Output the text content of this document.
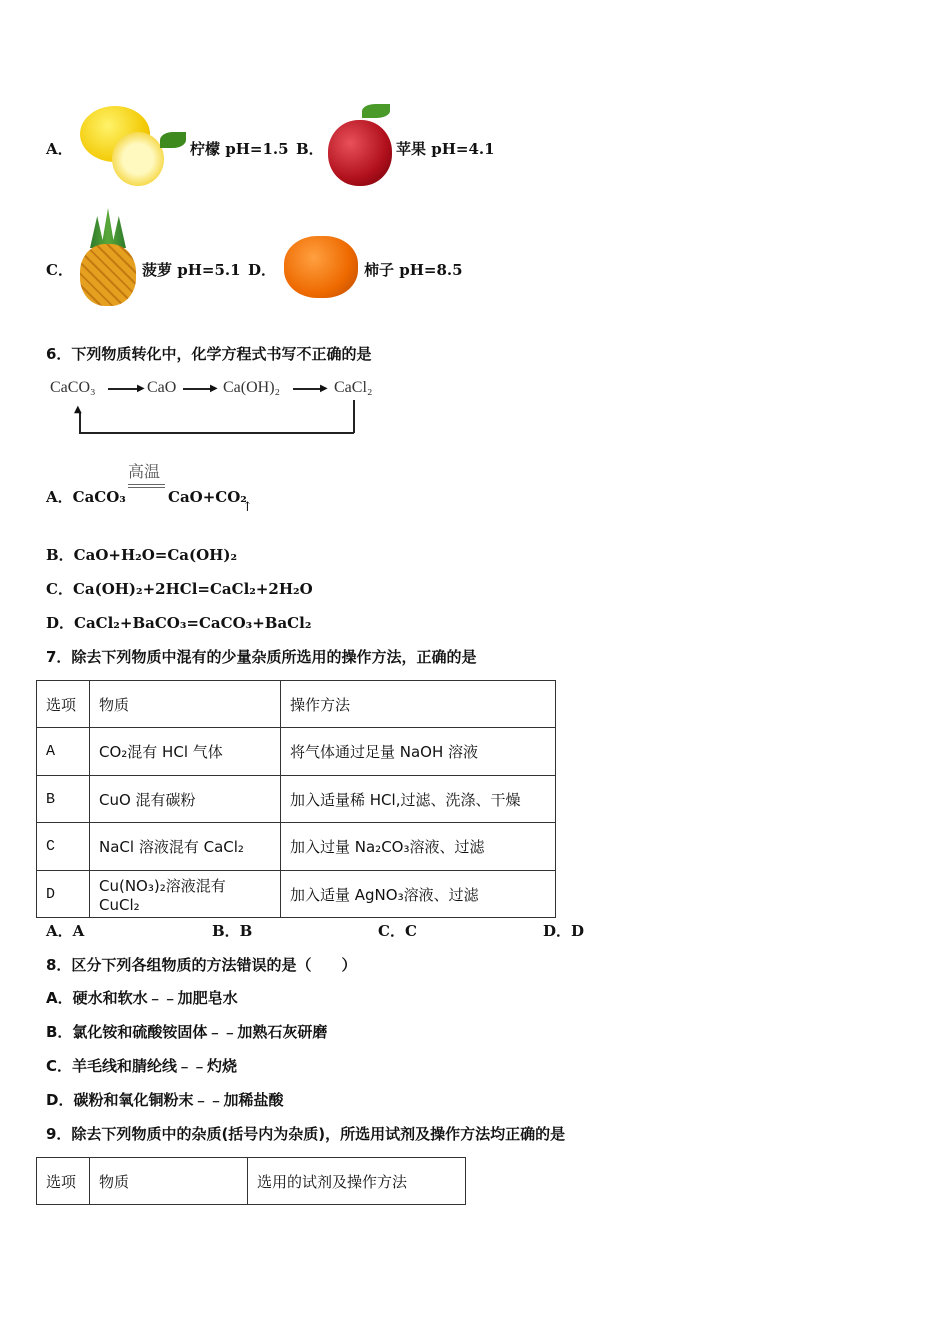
A．	柠檬 pH=1.5 B．	苹果 pH=4.1
C．	菠萝 pH=5.1 D．	柿子 pH=8.5
6．下列物质转化中，化学方程式书写不正确的是
CaCO₃	▶ CaO	▶ Ca(OH)₂	▶ CaCl₂
▲
高温
A．CaCO₃	CaO+CO₂
↑
B．CaO+H₂O=Ca(OH)₂
C．Ca(OH)₂+2HCl=CaCl₂+2H₂O
D．CaCl₂+BaCO₃=CaCO₃+BaCl₂
7．除去下列物质中混有的少量杂质所选用的操作方法，正确的是
选项	物质	操作方法
A	CO₂混有 HCl 气体	将气体通过足量 NaOH 溶液
B	CuO 混有碳粉	加入适量稀 HCl,过滤、洗涤、干燥
C	NaCl 溶液混有 CaCl₂	加入过量 Na₂CO₃溶液、过滤
D	Cu(NO₃)₂溶液混有 CuCl₂	加入适量 AgNO₃溶液、过滤
A．A	B．B	C．C	D．D
8．区分下列各组物质的方法错误的是（　　）
A．硬水和软水﹣﹣加肥皂水
B．氯化铵和硫酸铵固体﹣﹣加熟石灰研磨
C．羊毛线和腈纶线﹣﹣灼烧
D．碳粉和氧化铜粉末﹣﹣加稀盐酸
9．除去下列物质中的杂质(括号内为杂质)，所选用试剂及操作方法均正确的是
选项	物质	选用的试剂及操作方法
